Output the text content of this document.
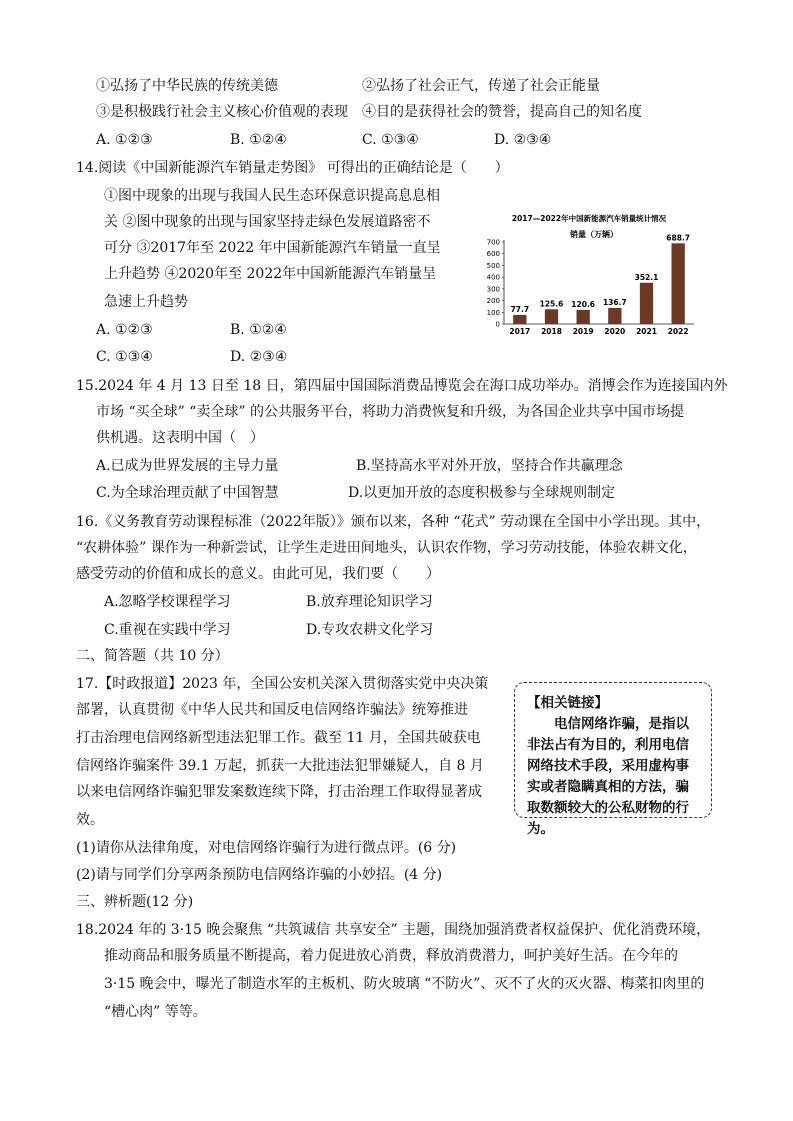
①弘扬了中华民族的传统美德	②弘扬了社会正气，传递了社会正能量
③是积极践行社会主义核心价值观的表现 ④目的是获得社会的赞誉，提高自己的知名度
A. ①②③	B. ①②④	C. ①③④	D. ②③④
14.阅读《中国新能源汽车销量走势图》 可得出的正确结论是（　　）
①图中现象的出现与我国人民生态环保意识提高息息相
关 ②图中现象的出现与国家坚持走绿色发展道路密不
可分 ③2017年至 2022 年中国新能源汽车销量一直呈
上升趋势 ④2020年至 2022年中国新能源汽车销量呈
急速上升趋势
A. ①②③	B. ①②④
C. ①③④	D. ②③④
2017—2022年中国新能源汽车销量统计情况
销量（万辆）
0
100
200
300
400
500
600
700
77.7
2017
125.6
2018
120.6
2019
136.7
2020
352.1
2021
688.7
2022
15.2024 年 4 月 13 日至 18 日，第四届中国国际消费品博览会在海口成功举办。消博会作为连接国内外
市场 “买全球” “卖全球” 的公共服务平台，将助力消费恢复和升级，为各国企业共享中国市场提
供机遇。这表明中国（　）
A.已成为世界发展的主导力量	B.坚持高水平对外开放，坚持合作共赢理念
C.为全球治理贡献了中国智慧	D.以更加开放的态度积极参与全球规则制定
16.《义务教育劳动课程标准（2022年版）》颁布以来，各种 “花式” 劳动课在全国中小学出现。其中，
“农耕体验” 课作为一种新尝试，让学生走进田间地头，认识农作物，学习劳动技能，体验农耕文化，
感受劳动的价值和成长的意义。由此可见，我们要（　　）
A.忽略学校课程学习	B.放弃理论知识学习
C.重视在实践中学习	D.专攻农耕文化学习
二、简答题（共 10 分）
17.【时政报道】2023 年，全国公安机关深入贯彻落实党中央决策
部署，认真贯彻《中华人民共和国反电信网络诈骗法》统筹推进
打击治理电信网络新型违法犯罪工作。截至 11 月，全国共破获电
信网络诈骗案件 39.1 万起，抓获一大批违法犯罪嫌疑人，自 8 月
以来电信网络诈骗犯罪发案数连续下降，打击治理工作取得显著成
效。
(1)请你从法律角度，对电信网络诈骗行为进行微点评。(6 分)
(2)请与同学们分享两条预防电信网络诈骗的小妙招。(4 分)
【相关链接】
电信网络诈骗，是指以非法占有为目的，利用电信网络技术手段，采用虚构事实或者隐瞒真相的方法，骗取数额较大的公私财物的行为。
三、辨析题(12 分)
18.2024 年的 3·15 晚会聚焦 “共筑诚信 共享安全” 主题，围绕加强消费者权益保护、优化消费环境，
推动商品和服务质量不断提高，着力促进放心消费，释放消费潜力，呵护美好生活。在今年的
3·15 晚会中，曝光了制造水军的主板机、防火玻璃 “不防火”、灭不了火的灭火器、梅菜扣肉里的
“槽心肉” 等等。
